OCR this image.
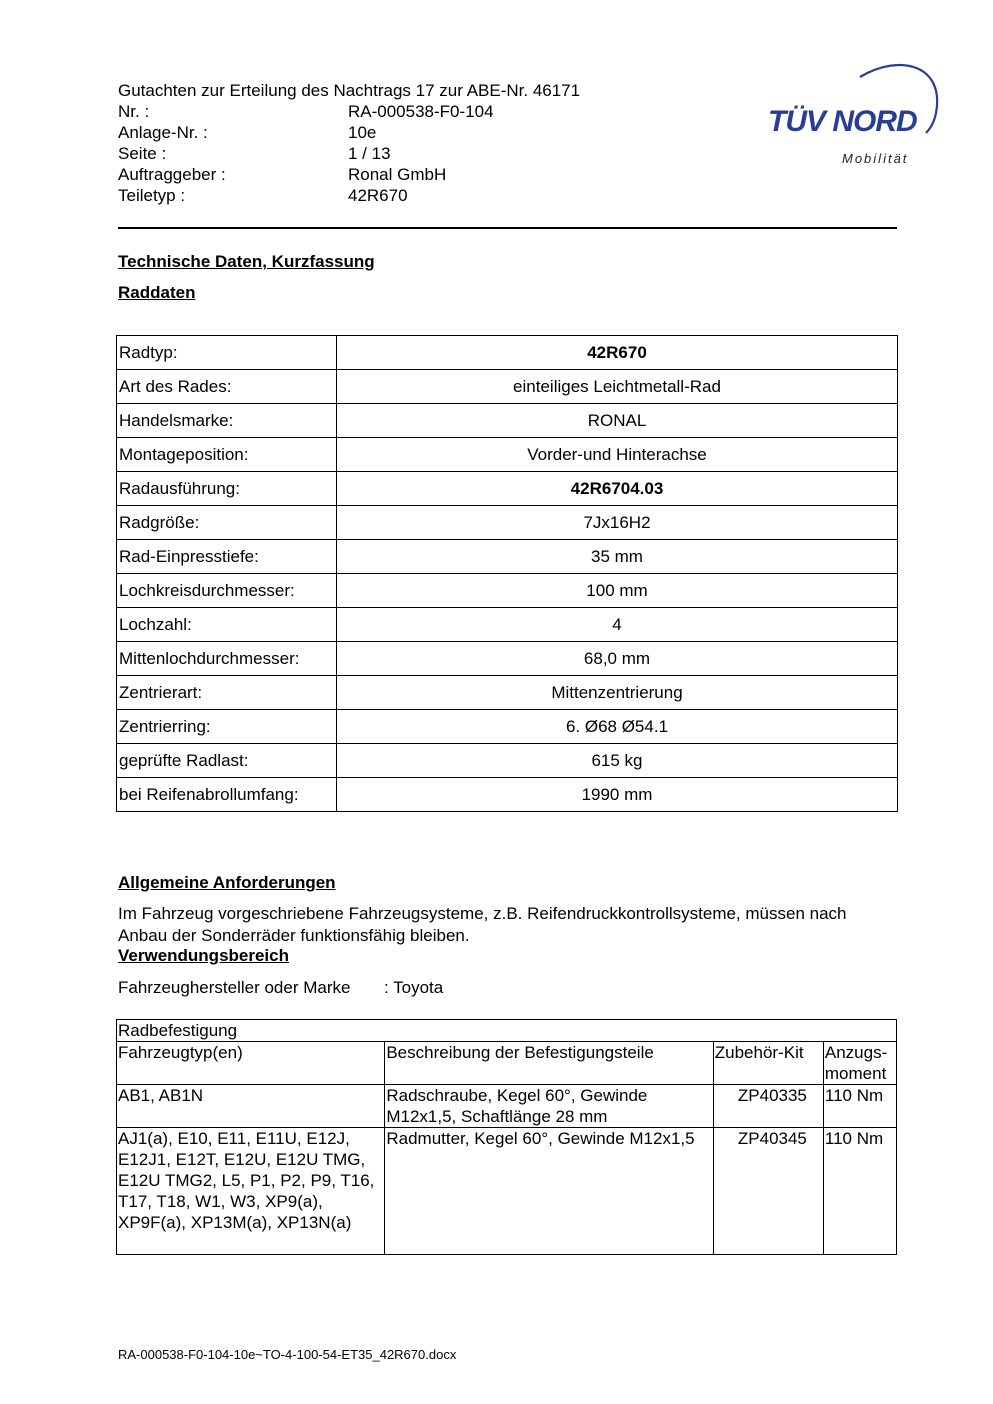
Gutachten zur Erteilung des Nachtrags 17 zur ABE-Nr. 46171
Nr. :	RA-000538-F0-104
Anlage-Nr. :	10e
Seite :	1 / 13
Auftraggeber :	Ronal GmbH
Teiletyp :	42R670
TÜV NORD
Mobilität
Technische Daten, Kurzfassung
Raddaten
Radtyp:	42R670
Art des Rades:	einteiliges Leichtmetall-Rad
Handelsmarke:	RONAL
Montageposition:	Vorder-und Hinterachse
Radausführung:	42R6704.03
Radgröße:	7Jx16H2
Rad-Einpresstiefe:	35 mm
Lochkreisdurchmesser:	100 mm
Lochzahl:	4
Mittenlochdurchmesser:	68,0 mm
Zentrierart:	Mittenzentrierung
Zentrierring:	6. Ø68 Ø54.1
geprüfte Radlast:	615 kg
bei Reifenabrollumfang:	1990 mm
Allgemeine Anforderungen
Im Fahrzeug vorgeschriebene Fahrzeugsysteme, z.B. Reifendruckkontrollsysteme, müssen nach Anbau der Sonderräder funktionsfähig bleiben.
Verwendungsbereich
Fahrzeughersteller oder Marke	: Toyota
Radbefestigung			
Fahrzeugtyp(en)	Beschreibung der Befestigungsteile	Zubehör-Kit	Anzugs-moment
AB1, AB1N	Radschraube, Kegel 60°, Gewinde M12x1,5, Schaftlänge 28 mm	ZP40335	110 Nm
AJ1(a), E10, E11, E11U, E12J, E12J1, E12T, E12U, E12U TMG, E12U TMG2, L5, P1, P2, P9, T16, T17, T18, W1, W3, XP9(a), XP9F(a), XP13M(a), XP13N(a)	Radmutter, Kegel 60°, Gewinde M12x1,5	ZP40345	110 Nm
RA-000538-F0-104-10e~TO-4-100-54-ET35_42R670.docx
